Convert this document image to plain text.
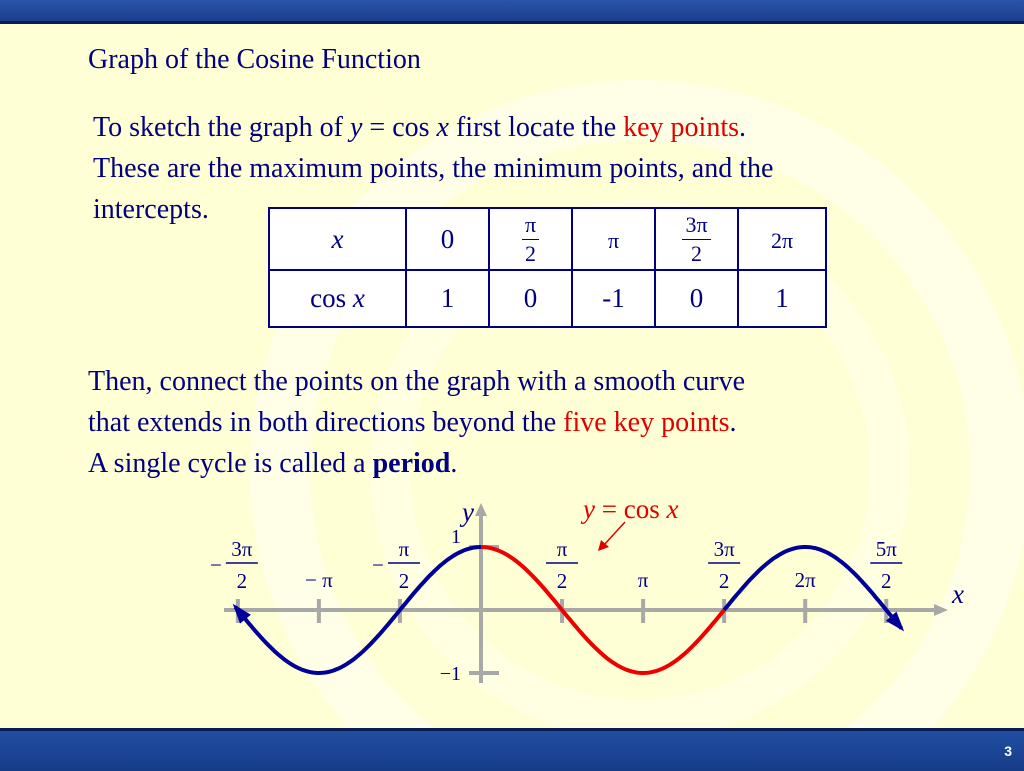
Graph of the Cosine Function
To sketch the graph of y = cos x first locate the key points.
These are the maximum points, the minimum points, and the
intercepts.
x	0	$\frac{\pi}{2}$	π	$\frac{3\pi}{2}$	2π
cos x	1	0	-1	0	1
Then, connect the points on the graph with a smooth curve
that extends in both directions beyond the five key points.
A single cycle is called a period.
3π
2
−
− π
π
2
−
π
2	π
3π
2	2π
5π
2
1
−1
x
y	y = cos x
3
